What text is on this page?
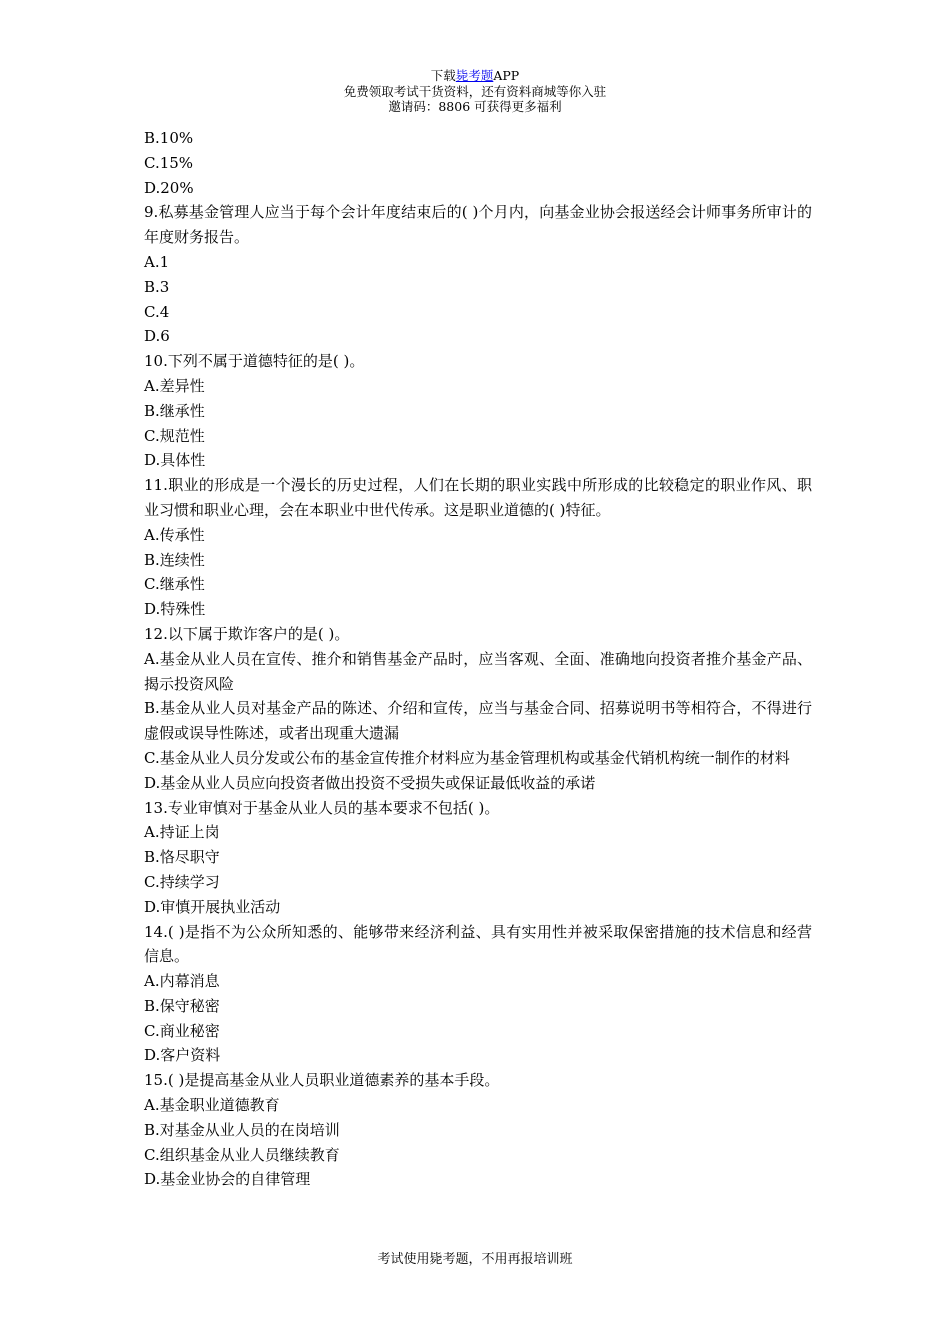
下载毙考题APP
免费领取考试干货资料，还有资料商城等你入驻
邀请码：8806 可获得更多福利

B.10%

C.15%

D.20%

9.私募基金管理人应当于每个会计年度结束后的( )个月内，向基金业协会报送经会计师事务所审计的年度财务报告。

A.1

B.3

C.4

D.6

10.下列不属于道德特征的是( )。

A.差异性

B.继承性

C.规范性

D.具体性

11.职业的形成是一个漫长的历史过程，人们在长期的职业实践中所形成的比较稳定的职业作风、职业习惯和职业心理，会在本职业中世代传承。这是职业道德的( )特征。

A.传承性

B.连续性

C.继承性

D.特殊性

12.以下属于欺诈客户的是( )。

A.基金从业人员在宣传、推介和销售基金产品时，应当客观、全面、准确地向投资者推介基金产品、揭示投资风险

B.基金从业人员对基金产品的陈述、介绍和宣传，应当与基金合同、招募说明书等相符合，不得进行虚假或误导性陈述，或者出现重大遗漏

C.基金从业人员分发或公布的基金宣传推介材料应为基金管理机构或基金代销机构统一制作的材料

D.基金从业人员应向投资者做出投资不受损失或保证最低收益的承诺

13.专业审慎对于基金从业人员的基本要求不包括( )。

A.持证上岗

B.恪尽职守

C.持续学习

D.审慎开展执业活动

14.( )是指不为公众所知悉的、能够带来经济利益、具有实用性并被采取保密措施的技术信息和经营信息。

A.内幕消息

B.保守秘密

C.商业秘密

D.客户资料

15.( )是提高基金从业人员职业道德素养的基本手段。

A.基金职业道德教育

B.对基金从业人员的在岗培训

C.组织基金从业人员继续教育

D.基金业协会的自律管理

考试使用毙考题，不用再报培训班
